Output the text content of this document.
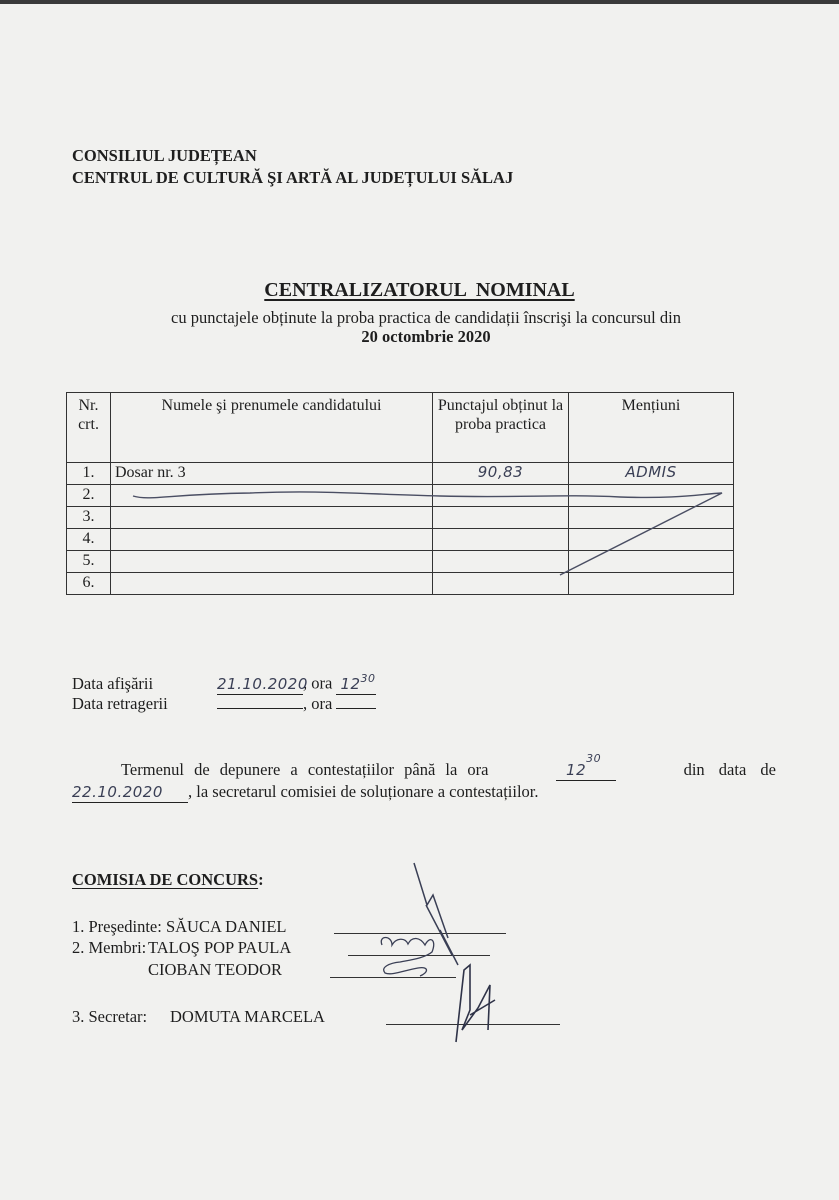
CONSILIUL JUDEȚEAN
CENTRUL DE CULTURĂ ŞI ARTĂ AL JUDEȚULUI SĂLAJ
CENTRALIZATORUL  NOMINAL
cu punctajele obținute la proba practica de candidații înscrişi la concursul din
20 octombrie 2020
Nr. crt.	Numele şi prenumele candidatului	Punctajul obținut la proba practica	Mențiuni
1.	Dosar nr. 3	90,83	ADMIS
2.			
3.			
4.			
5.			
6.			
Data afişării	21.10.2020, ora $12^{30}$
Data retragerii	, ora
Termenul de depunere a contestațiilor până la ora	$12^{30}$
din data de
22.10.2020 , la secretarul comisiei de soluționare a contestațiilor.
COMISIA DE CONCURS:
1. Preşedinte: SĂUCA DANIEL
2. Membri: TALOŞ POP PAULA
CIOBAN TEODOR
3. Secretar: DOMUTA MARCELA
